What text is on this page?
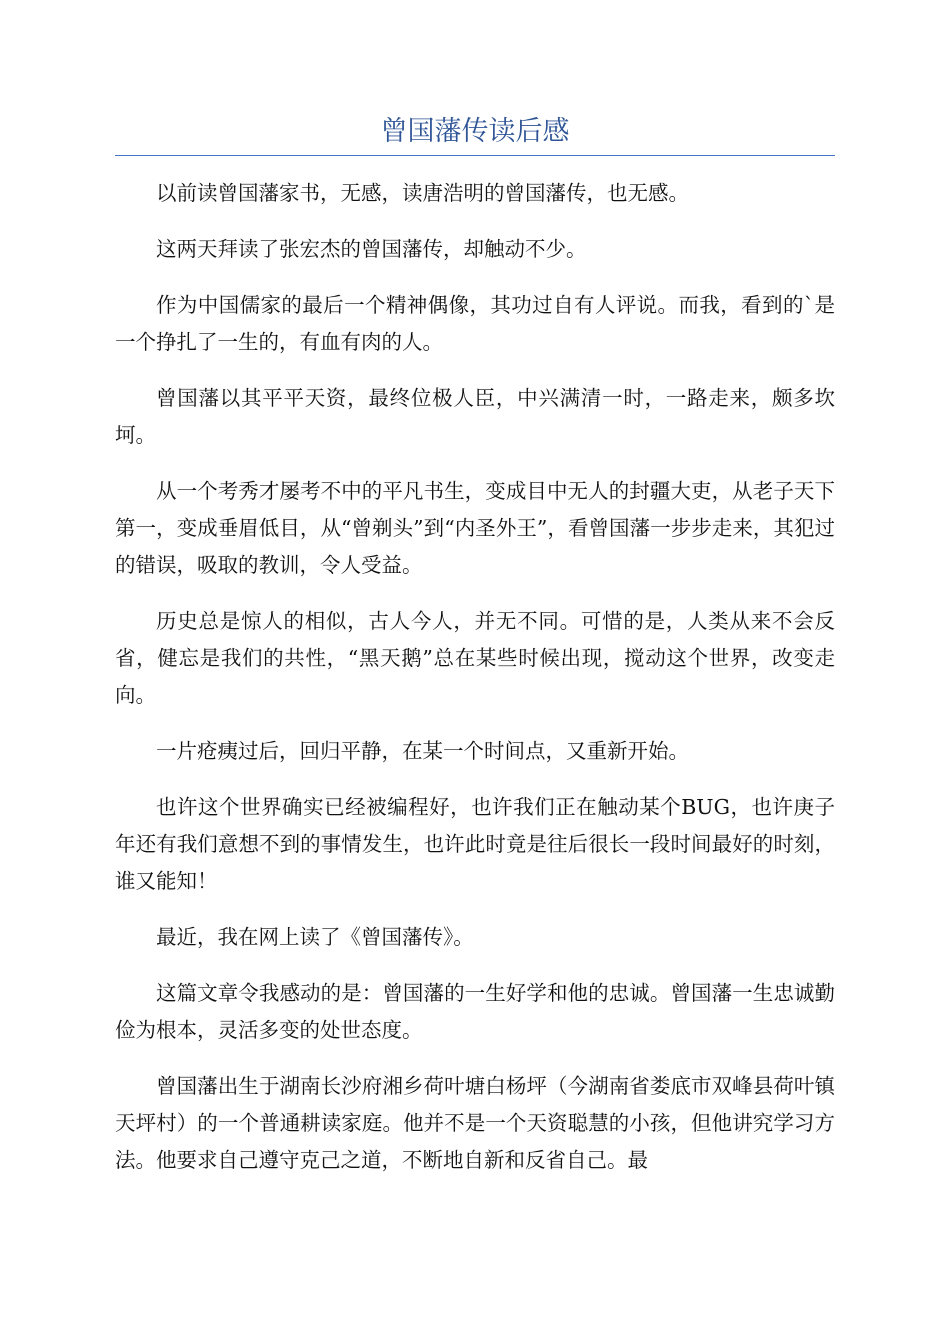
曾国藩传读后感

以前读曾国藩家书，无感，读唐浩明的曾国藩传，也无感。

这两天拜读了张宏杰的曾国藩传，却触动不少。

作为中国儒家的最后一个精神偶像，其功过自有人评说。而我，看到的`是一个挣扎了一生的，有血有肉的人。

曾国藩以其平平天资，最终位极人臣，中兴满清一时，一路走来，颇多坎坷。

从一个考秀才屡考不中的平凡书生，变成目中无人的封疆大吏，从老子天下第一，变成垂眉低目，从“曾剃头”到“内圣外王”，看曾国藩一步步走来，其犯过的错误，吸取的教训，令人受益。

历史总是惊人的相似，古人今人，并无不同。可惜的是，人类从来不会反省，健忘是我们的共性，“黑天鹅”总在某些时候出现，搅动这个世界，改变走向。

一片疮痍过后，回归平静，在某一个时间点，又重新开始。

也许这个世界确实已经被编程好，也许我们正在触动某个BUG，也许庚子年还有我们意想不到的事情发生，也许此时竟是往后很长一段时间最好的时刻，谁又能知！

最近，我在网上读了《曾国藩传》。

这篇文章令我感动的是：曾国藩的一生好学和他的忠诚。曾国藩一生忠诚勤俭为根本，灵活多变的处世态度。

曾国藩出生于湖南长沙府湘乡荷叶塘白杨坪（今湖南省娄底市双峰县荷叶镇天坪村）的一个普通耕读家庭。他并不是一个天资聪慧的小孩，但他讲究学习方法。他要求自己遵守克己之道，不断地自新和反省自己。最
